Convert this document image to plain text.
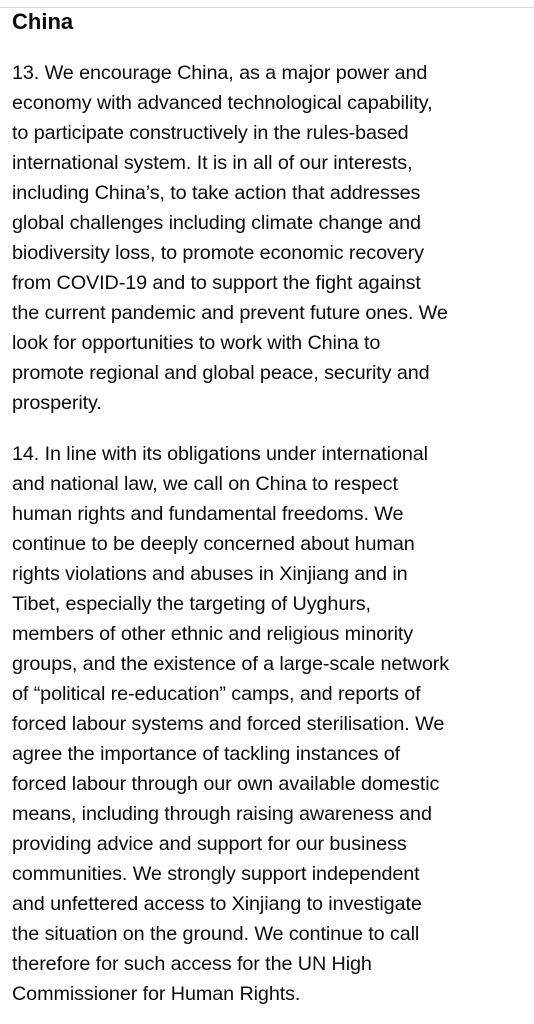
China
13. We encourage China, as a major power and
economy with advanced technological capability,
to participate constructively in the rules-based
international system. It is in all of our interests,
including China’s, to take action that addresses
global challenges including climate change and
biodiversity loss, to promote economic recovery
from COVID-19 and to support the fight against
the current pandemic and prevent future ones. We
look for opportunities to work with China to
promote regional and global peace, security and
prosperity.
14. In line with its obligations under international
and national law, we call on China to respect
human rights and fundamental freedoms. We
continue to be deeply concerned about human
rights violations and abuses in Xinjiang and in
Tibet, especially the targeting of Uyghurs,
members of other ethnic and religious minority
groups, and the existence of a large-scale network
of “political re-education” camps, and reports of
forced labour systems and forced sterilisation. We
agree the importance of tackling instances of
forced labour through our own available domestic
means, including through raising awareness and
providing advice and support for our business
communities. We strongly support independent
and unfettered access to Xinjiang to investigate
the situation on the ground. We continue to call
therefore for such access for the UN High
Commissioner for Human Rights.
